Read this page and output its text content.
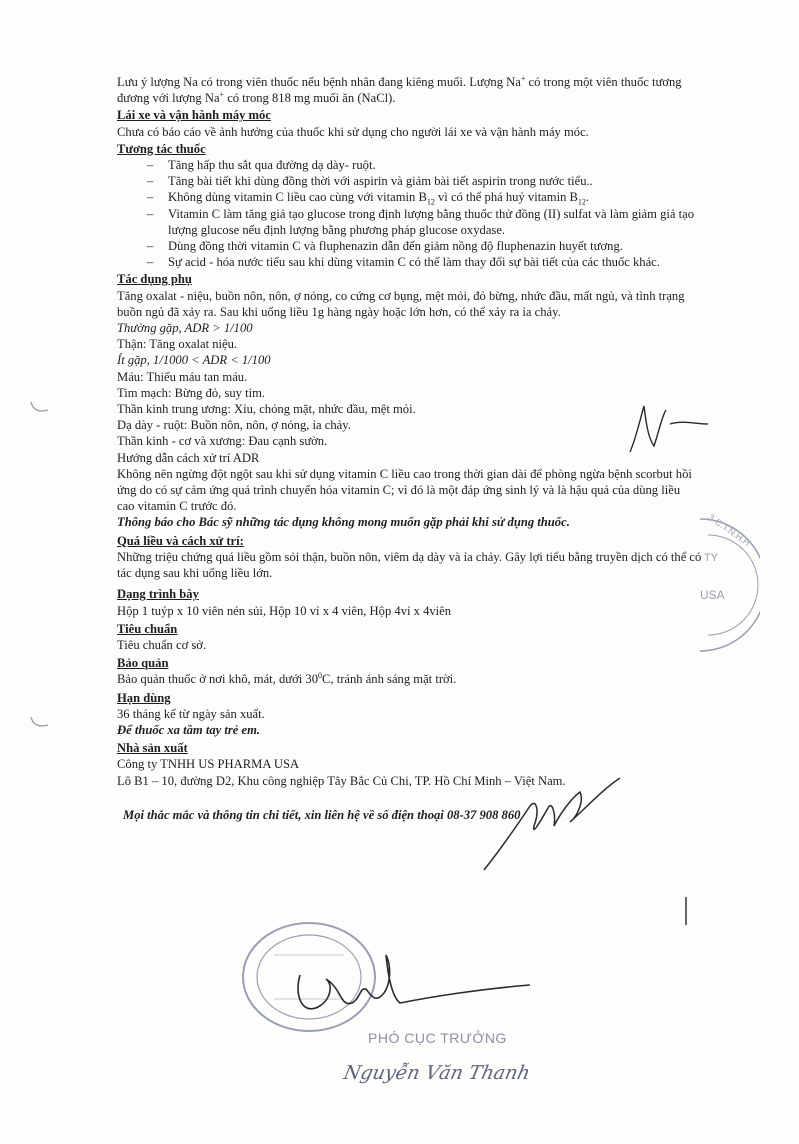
Lưu ý lượng Na có trong viên thuốc nếu bệnh nhân đang kiêng muối. Lượng Na+ có trong một viên thuốc tương đương với lượng Na+ có trong 818 mg muối ăn (NaCl).

Lái xe và vận hành máy móc

Chưa có báo cáo về ảnh hưởng của thuốc khi sử dụng cho người lái xe và vận hành máy móc.

Tương tác thuốc
– Tăng hấp thu sắt qua đường dạ dày- ruột.
– Tăng bài tiết khi dùng đồng thời với aspirin và giảm bài tiết aspirin trong nước tiểu..
– Không dùng vitamin C liều cao cùng với vitamin $B_{12}$ vì có thể phá huỷ vitamin $B_{12}$.
– Vitamin C làm tăng giả tạo glucose trong định lượng bằng thuốc thử đồng (II) sulfat và làm giảm giả tạo lượng glucose nếu định lượng bằng phương pháp glucose oxydase.
– Dùng đồng thời vitamin C và fluphenazin dẫn đến giảm nồng độ fluphenazin huyết tương.
– Sự acid - hóa nước tiểu sau khi dùng vitamin C có thể làm thay đổi sự bài tiết của các thuốc khác.
Tác dụng phụ

Tăng oxalat - niệu, buồn nôn, nôn, ợ nóng, co cứng cơ bụng, mệt mỏi, đỏ bừng, nhức đầu, mất ngủ, và tình trạng buồn ngủ đã xảy ra. Sau khi uống liều 1g hàng ngày hoặc lớn hơn, có thể xảy ra ỉa chảy.

Thường gặp, ADR > 1/100

Thận: Tăng oxalat niệu.

Ít gặp, 1/1000 < ADR < 1/100

Máu: Thiếu máu tan máu.

Tim mạch: Bừng đỏ, suy tim.

Thần kinh trung ương: Xỉu, chóng mặt, nhức đầu, mệt mỏi.

Dạ dày - ruột: Buồn nôn, nôn, ợ nóng, ỉa chảy.

Thần kinh - cơ và xương: Đau cạnh sườn.

Hướng dẫn cách xử trí ADR

Không nên ngừng đột ngột sau khi sử dụng vitamin C liều cao trong thời gian dài để phòng ngừa bệnh scorbut hồi ứng do có sự cảm ứng quá trình chuyển hóa vitamin C; vì đó là một đáp ứng sinh lý và là hậu quả của dùng liều cao vitamin C trước đó.

Thông báo cho Bác sỹ những tác dụng không mong muốn gặp phải khi sử dụng thuốc.

Quá liều và cách xử trí:

Những triệu chứng quá liều gồm sỏi thận, buồn nôn, viêm dạ dày và ỉa chảy. Gây lợi tiểu bằng truyền dịch có thể có tác dụng sau khi uống liều lớn.

Dạng trình bày

Hộp 1 tuýp x 10 viên nén sủi, Hộp 10 vỉ x 4 viên, Hộp 4vỉ x 4viên

Tiêu chuẩn

Tiêu chuẩn cơ sở.

Bảo quản

Bảo quản thuốc ở nơi khô, mát, dưới $30^0C$, tránh ánh sáng mặt trời.

Hạn dùng

36 tháng kể từ ngày sản xuất.

Để thuốc xa tầm tay trẻ em.

Nhà sản xuất

Công ty TNHH US PHARMA USA

Lô B1 – 10, đường D2, Khu công nghiệp Tây Bắc Củ Chi, TP. Hồ Chí Minh – Việt Nam.

Mọi thắc mắc và thông tin chi tiết, xin liên hệ về số điện thoại 08-37 908 860

3-C.T.N.H.H
TY
USA
PHÓ CỤC TRƯỞNG
Nguyễn Văn Thanh
